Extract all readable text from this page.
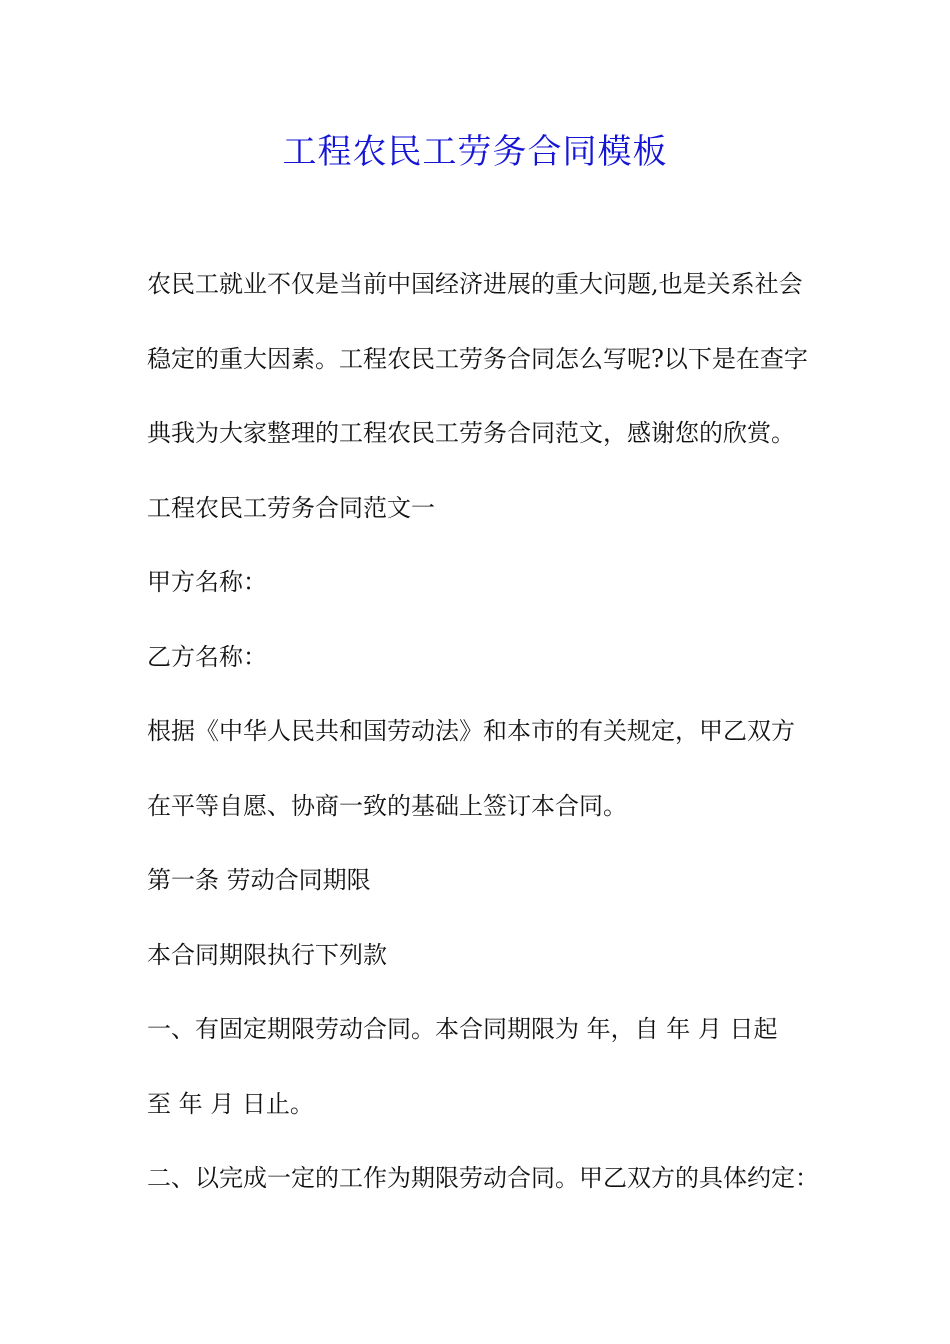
工程农民工劳务合同模板

农民工就业不仅是当前中国经济进展的重大问题,也是关系社会

稳定的重大因素。工程农民工劳务合同怎么写呢?以下是在查字

典我为大家整理的工程农民工劳务合同范文，感谢您的欣赏。

工程农民工劳务合同范文一

甲方名称：

乙方名称：

根据《中华人民共和国劳动法》和本市的有关规定，甲乙双方

在平等自愿、协商一致的基础上签订本合同。

第一条 劳动合同期限

本合同期限执行下列款

一、有固定期限劳动合同。本合同期限为 年，自 年 月 日起

至 年 月 日止。

二、以完成一定的工作为期限劳动合同。甲乙双方的具体约定：
